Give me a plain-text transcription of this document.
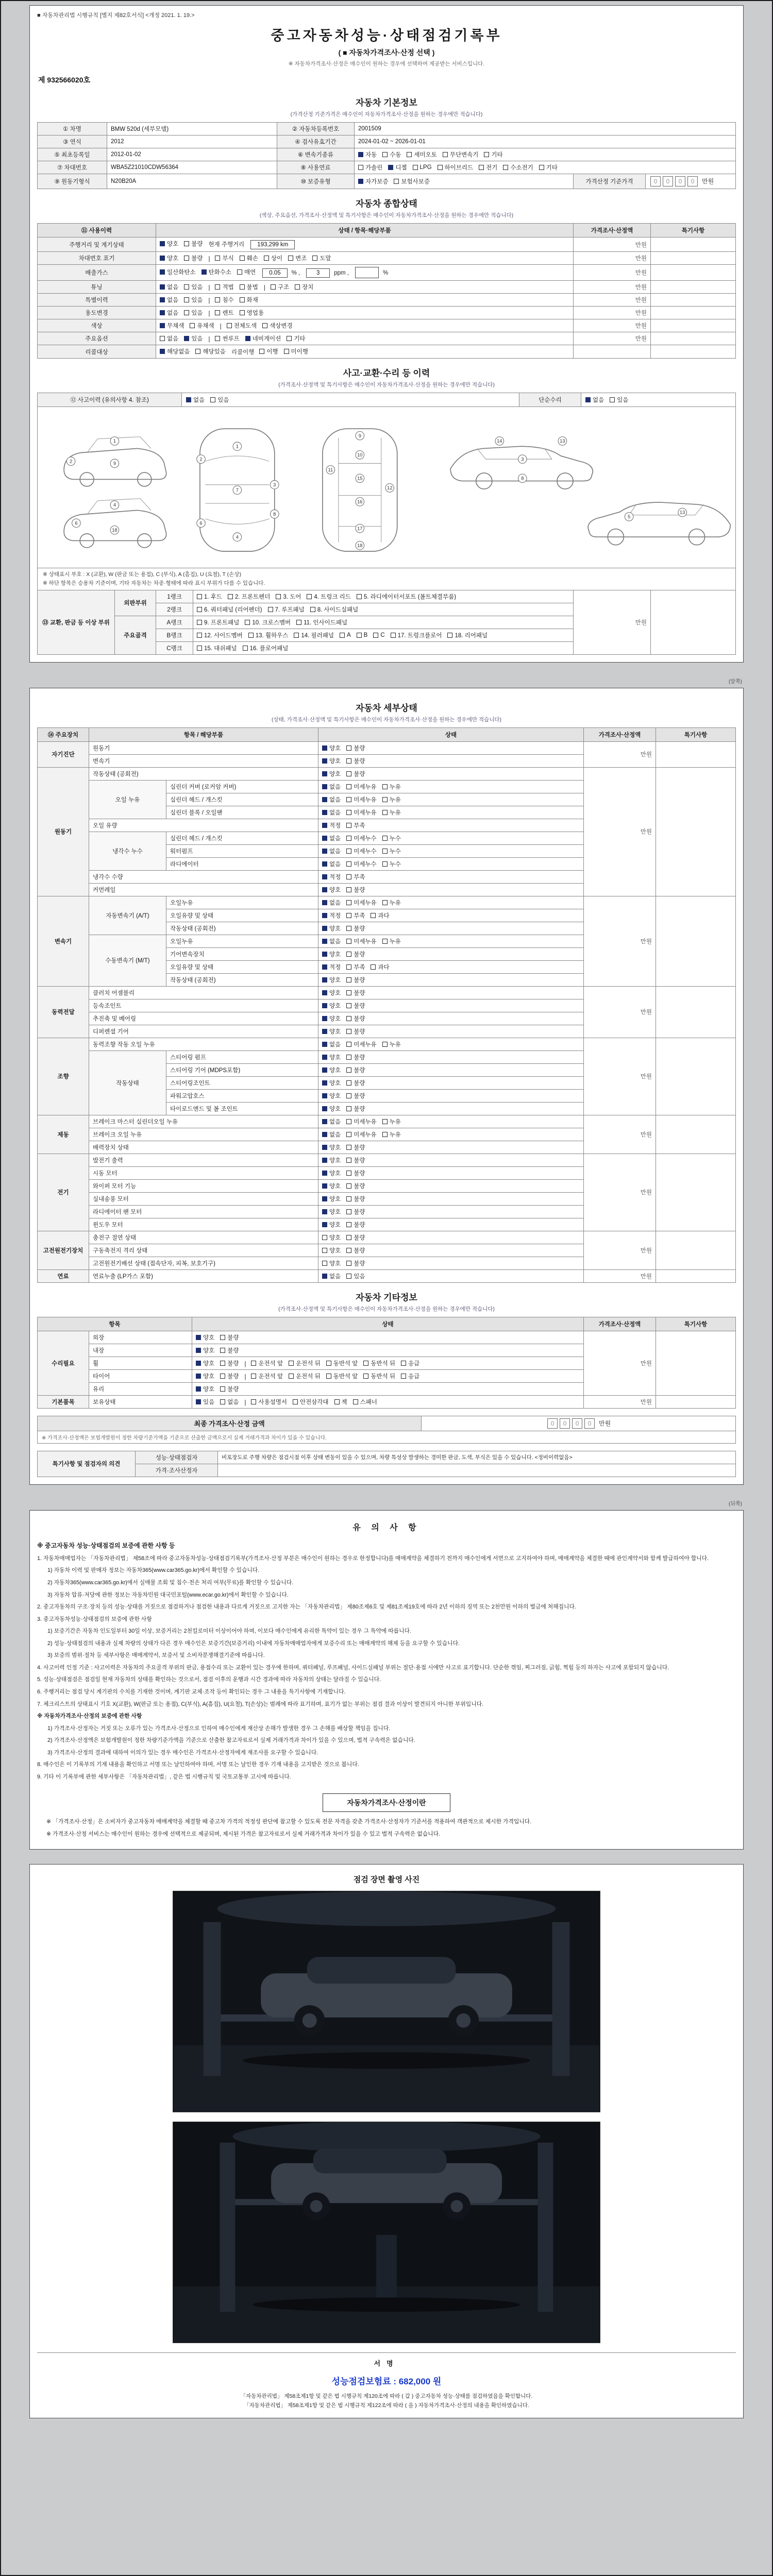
■ 자동차관리법 시행규칙 [별지 제82호서식] <개정 2021. 1. 19.>
중고자동차성능·상태점검기록부
( ■ 자동차가격조사·산정 선택 )
※ 자동차가격조사·산정은 매수인이 원하는 경우에 선택하여 제공받는 서비스입니다.
제 932566020호
자동차 기본정보
(가격산정 기준가격은 매수인이 자동차가격조사·산정을 원하는 경우에만 적습니다)
① 차명	BMW 520d (세부모델)	② 자동차등록번호	2001509		
③ 연식	2012	④ 검사유효기간	2024-01-02 ~ 2026-01-01		
⑤ 최초등록일	2012-01-02	⑥ 변속기종류	자동 수동 세미오토 무단변속기 기타		

⑦ 차대번호	WBA5Z21010CDW56364	⑧ 사용연료	가솔린 디젤 LPG 하이브리드 전기 수소전기 기타

⑨ 원동기형식	N20B20A	⑩ 보증유형	자가보증 보험사보증	가격산정 기준가격	0 0 0 0 만원
자동차 종합상태
(색상, 주요옵션, 가격조사·산정액 및 특기사항은 매수인이 자동차가격조사·산정을 원하는 경우에만 적습니다)
⑪ 사용이력	상태 / 항목·해당부품	가격조사·산정액	특기사항
주행거리 및 계기상태	양호 불량 현재 주행거리 193,299 km	만원	
차대번호 표기	양호 불량 | 부식 훼손 상이 변조 도말	만원	
배출가스	일산화탄소 탄화수소 매연 0.05 % , 3 ppm ,　 %	만원	
튜닝	없음 있음 | 적법 불법 | 구조 장치	만원	
특별이력	없음 있음 | 침수 화재	만원	
용도변경	없음 있음 | 렌트 영업용	만원	
색상	무채색 유채색 | 전체도색 색상변경	만원	
주요옵션	없음 있음 | 썬루프 네비게이션 기타	만원	
리콜대상	해당없음 해당있음 리콜이행 이행 미이행		

사고·교환·수리 등 이력
(가격조사·산정액 및 특기사항은 매수인이 자동차가격조사·산정을 원하는 경우에만 적습니다)
⑫ 사고이력 (유의사항 4. 참조)	없음 있음	단순수리	없음 있음
1
2	9
4
6
18
1
2
3
6
7
4
8
9
10
11
15
12
16
17
18
13
14
3
8
5
13
※ 상태표시 부호 : X (교환), W (판금 또는 용접), C (부식), A (흠집), U (요철), T (손상)
※ 하단 항목은 승용차 기준이며, 기타 자동차는 차종·형태에 따라 표시 부위가 다를 수 있습니다.
⑬ 교환, 판금 등 이상 부위	외판부위	1랭크	1. 후드 2. 프론트펜더 3. 도어 4. 트렁크 리드 5. 라디에이터서포트 (볼트체결부품)	만원	
		2랭크	6. 쿼터패널 (리어펜더) 7. 루프패널 8. 사이드실패널		

	주요골격	A랭크	9. 프론트패널 10. 크로스멤버 11. 인사이드패널		

B랭크	12. 사이드멤버 13. 휠하우스 14. 필러패널 A B C 17. 트렁크플로어 18. 리어패널

		C랭크	15. 대쉬패널 16. 플로어패널		
(앞쪽)
자동차 세부상태
(상태, 가격조사·산정액 및 특기사항은 매수인이 자동차가격조사·산정을 원하는 경우에만 적습니다)
⑭ 주요장치	항목 / 해당부품		상태	가격조사·산정액	특기사항
자기진단	원동기		양호 불량	만원	
	변속기		양호 불량		

원동기	작동상태 (공회전)		양호 불량	만원	
	오일 누유	실린더 커버 (로커암 커버)	없음 미세누유 누유		

		실린더 헤드 / 개스킷	없음 미세누유 누유		

		실린더 블록 / 오일팬	없음 미세누유 누유		

	오일 유량		적정 부족		

	냉각수 누수	실린더 헤드 / 개스킷	없음 미세누수 누수		

		워터펌프	없음 미세누수 누수		

		라디에이터	없음 미세누수 누수		

	냉각수 수량		적정 부족		

	커먼레일		양호 불량		

변속기	자동변속기 (A/T)	오일누유	없음 미세누유 누유	만원	
		오일유량 및 상태	적정 부족 과다		

		작동상태 (공회전)	양호 불량		

	수동변속기 (M/T)	오일누유	없음 미세누유 누유		

		기어변속장치	양호 불량		

		오일유량 및 상태	적정 부족 과다		

		작동상태 (공회전)	양호 불량		

동력전달	클러치 어셈블리		양호 불량	만원	
	등속조인트		양호 불량		

	추진축 및 베어링		양호 불량		

	디퍼렌셜 기어		양호 불량		

조향	동력조향 작동 오일 누유		없음 미세누유 누유	만원	
	작동상태	스티어링 펌프	양호 불량		

		스티어링 기어 (MDPS포함)	양호 불량		

		스티어링조인트	양호 불량		

		파워고압호스	양호 불량		

		타이로드엔드 및 볼 조인트	양호 불량		

제동	브레이크 마스터 실린더오일 누유		없음 미세누유 누유	만원	
	브레이크 오일 누유		없음 미세누유 누유		

	배력장치 상태		양호 불량		

전기	발전기 출력		양호 불량	만원	
	시동 모터		양호 불량		

	와이퍼 모터 기능		양호 불량		

	실내송풍 모터		양호 불량		

	라디에이터 팬 모터		양호 불량		

	윈도우 모터		양호 불량		

고전원전기장치	충전구 절연 상태		양호 불량	만원	
	구동축전지 격리 상태		양호 불량		

	고전원전기배선 상태 (접속단자, 피복, 보호기구)		양호 불량		

연료	연료누출 (LP가스 포함)		없음 있음	만원	
자동차 기타정보
(가격조사·산정액 및 특기사항은 매수인이 자동차가격조사·산정을 원하는 경우에만 적습니다)
항목		상태	가격조사·산정액	특기사항
수리필요	외장	양호 불량	만원	
	내장	양호 불량		

휠	양호 불량 | 운전석 앞 운전석 뒤 동반석 앞 동반석 뒤 응급

타이어	양호 불량 | 운전석 앞 운전석 뒤 동반석 앞 동반석 뒤 응급

	유리	양호 불량		

기본품목	보유상태	있음 없음 | 사용설명서 안전삼각대 잭 스패너	만원	
최종 가격조사·산정 금액	0 0 0 0 만원
※ 가격조사·산정액은 보험개발원이 정한 차량기준가액을 기준으로 산출한 금액으로서 실제 거래가격과 차이가 있을 수 있습니다.
특기사항 및 점검자의 의견	성능·상태점검자	비포장도로 주행 차량은 점검시점 이후 상태 변동이 있을 수 있으며, 차량 특성상 발생하는 경미한 판금, 도색, 부식은 있을 수 있습니다. <정비이력없음>
	가격·조사산정자	
(뒤쪽)
유 의 사 항
※ 중고자동차 성능·상태점검의 보증에 관한 사항 등

1. 자동차매매업자는 「자동차관리법」 제58조에 따라 중고자동차성능·상태점검기록부(가격조사·산정 부분은 매수인이 원하는 경우로 한정합니다)를 매매계약을 체결하기 전까지 매수인에게 서면으로 고지하여야 하며, 매매계약을 체결한 때에 관인계약서와 함께 발급하여야 합니다.

1) 자동차 이력 및 판매자 정보는 자동차365(www.car365.go.kr)에서 확인할 수 있습니다.

2) 자동차365(www.car365.go.kr)에서 실매물 조회 및 침수·전손 처리 여부(무료)를 확인할 수 있습니다.

3) 자동차 압류·저당에 관한 정보는 자동차민원 대국민포털(www.ecar.go.kr)에서 확인할 수 있습니다.

2. 중고자동차의 구조·장치 등의 성능·상태를 거짓으로 점검하거나 점검한 내용과 다르게 거짓으로 고지한 자는 「자동차관리법」 제80조제6호 및 제81조제19호에 따라 2년 이하의 징역 또는 2천만원 이하의 벌금에 처해집니다.

3. 중고자동차성능·상태점검의 보증에 관한 사항

1) 보증기간은 자동차 인도일부터 30일 이상, 보증거리는 2천킬로미터 이상이어야 하며, 이보다 매수인에게 유리한 특약이 있는 경우 그 특약에 따릅니다.

2) 성능·상태점검의 내용과 실제 차량의 상태가 다른 경우 매수인은 보증기간(보증거리) 이내에 자동차매매업자에게 보증수리 또는 매매계약의 해제 등을 요구할 수 있습니다.

3) 보증의 범위·절차 등 세부사항은 매매계약서, 보증서 및 소비자분쟁해결기준에 따릅니다.

4. 사고이력 인정 기준 : 사고이력은 자동차의 주요골격 부위의 판금, 용접수리 또는 교환이 있는 경우에 한하며, 쿼터패널, 루프패널, 사이드실패널 부위는 절단·용접 시에만 사고로 표기합니다. 단순한 꺾임, 찌그러짐, 긁힘, 찍힘 등의 하자는 사고에 포함되지 않습니다.

5. 성능·상태점검은 점검일 현재 자동차의 상태를 확인하는 것으로서, 점검 이후의 운행과 시간 경과에 따라 자동차의 상태는 달라질 수 있습니다.

6. 주행거리는 점검 당시 계기판의 수치를 기재한 것이며, 계기판 교체·조작 등이 확인되는 경우 그 내용을 특기사항에 기재합니다.

7. 체크리스트의 상태표시 기호 X(교환), W(판금 또는 용접), C(부식), A(흠집), U(요철), T(손상)는 범례에 따라 표기하며, 표기가 없는 부위는 점검 결과 이상이 발견되지 아니한 부위입니다.

※ 자동차가격조사·산정의 보증에 관한 사항

1) 가격조사·산정자는 거짓 또는 오류가 있는 가격조사·산정으로 인하여 매수인에게 재산상 손해가 발생한 경우 그 손해를 배상할 책임을 집니다.

2) 가격조사·산정액은 보험개발원이 정한 차량기준가액을 기준으로 산출한 참고자료로서 실제 거래가격과 차이가 있을 수 있으며, 법적 구속력은 없습니다.

3) 가격조사·산정의 결과에 대하여 이의가 있는 경우 매수인은 가격조사·산정자에게 재조사를 요구할 수 있습니다.

8. 매수인은 이 기록부의 기재 내용을 확인하고 서명 또는 날인하여야 하며, 서명 또는 날인한 경우 기재 내용을 고지받은 것으로 봅니다.

9. 기타 이 기록부에 관한 세부사항은 「자동차관리법」, 같은 법 시행규칙 및 국토교통부 고시에 따릅니다.

자동차가격조사·산정이란

※ 「가격조사·산정」은 소비자가 중고자동차 매매계약을 체결할 때 중고차 가격의 적정성 판단에 참고할 수 있도록 전문 자격을 갖춘 가격조사·산정자가 기준서를 적용하여 객관적으로 제시한 가격입니다.

※ 가격조사·산정 서비스는 매수인이 원하는 경우에 선택적으로 제공되며, 제시된 가격은 참고자료로서 실제 거래가격과 차이가 있을 수 있고 법적 구속력은 없습니다.

점검 장면 촬영 사진
서명
성능점검보험료 : 682,000 원

「자동차관리법」 제58조제1항 및 같은 법 시행규칙 제120조에 따라 ( 갑 ) 중고자동차 성능·상태를 점검하였음을 확인합니다.

「자동차관리법」 제58조제1항 및 같은 법 시행규칙 제122조에 따라 ( 을 ) 자동차가격조사·산정의 내용을 확인하였습니다.
